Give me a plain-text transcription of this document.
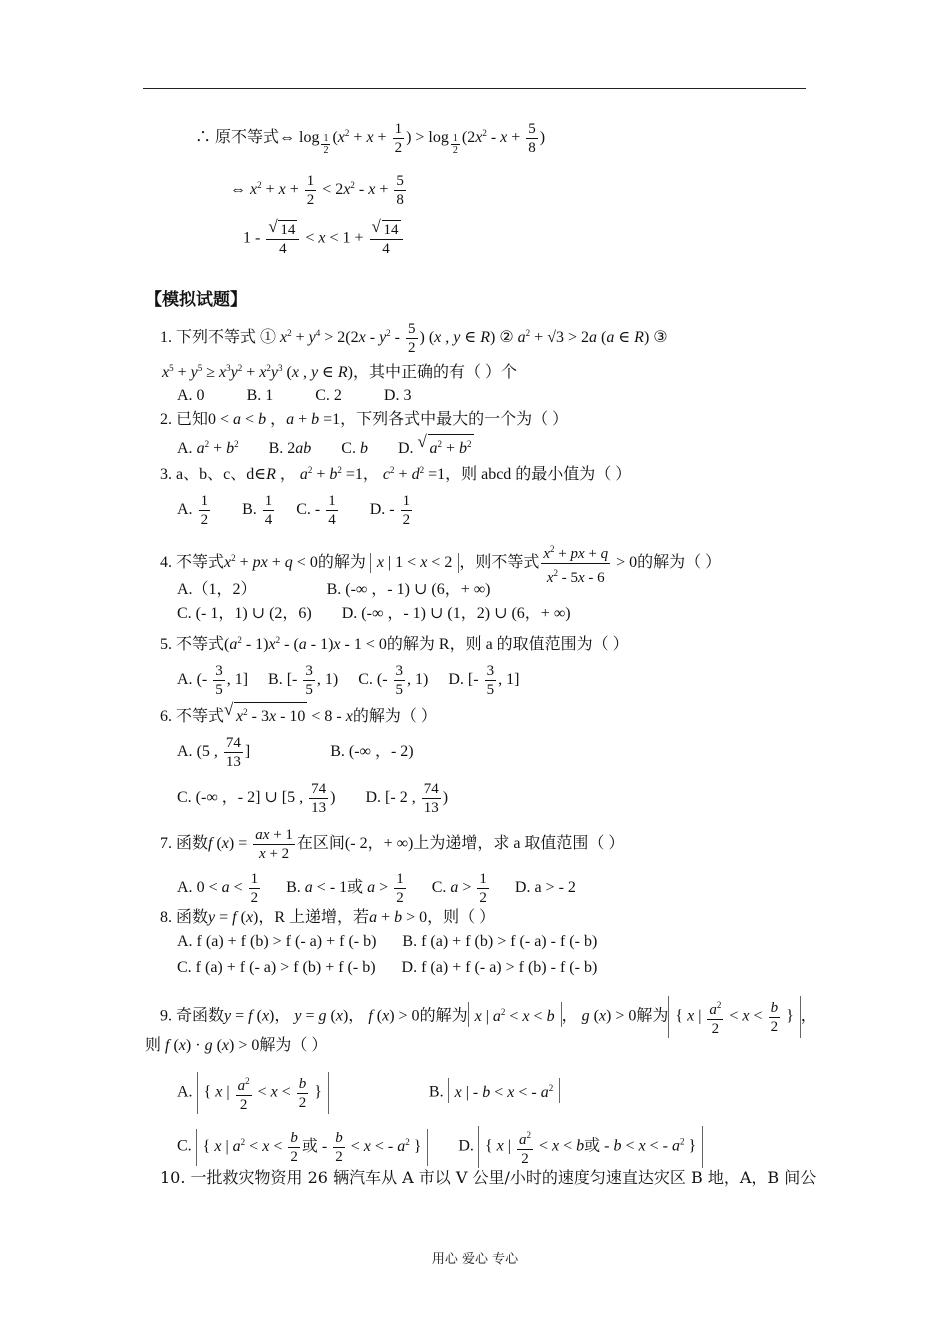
∴ 原不等式⇔ log $_{\frac{1}{2}}$ ($x^2 + x + \frac{1}{2}$ ) > log $_{\frac{1}{2}}$ ($2x^2 - x + \frac{5}{8}$ )
⇔ $x^2 + x + \frac{1}{2} < 2x^2 - x + \frac{5}{8}$
$1 - \frac{√ 14}{4} < x < 1 + \frac{√ 14}{4}$
【模拟试题】
1. 下列不等式 ① $x^2 + y^4 > 2(2x - y^2 - \frac{5}{2}$ ) (x , y ∈ R) ② $a^2 + √3 > 2a$ (a ∈ R) ③
$x^5 + y^5 \ge x^3y^2 + x^2y^3$ (x , y ∈ R)，其中正确的有（ ）个
A. 0	B. 1	C. 2	D. 3
2. 已知0 < a < b ，a + b =1，下列各式中最大的一个为（ ）
A. $a^2 + b^2$ B. 2ab C. b D. √ $a^2 + b^2$
3. a、b、c、d∈R ， $a^2 + b^2 =1$， $c^2 + d^2 =1$，则 abcd 的最小值为（ ）
A. $\frac{1}{2} B$. $\frac{1}{4} C$. - $\frac{1}{4} D$. - $\frac{1}{2}$
4. 不等式$x^2$ + px + q < 0的解为 x | 1 < x < 2 ，则不等式 $\frac{x^2 + px + q}{x^2 - 5x - 6} > 0$的解为（ ）
A.（1，2）	B. (-∞ ，- 1) ∪ (6，+ ∞)
C. (- 1，1) ∪ (2，6) D. (-∞ ，- 1) ∪ (1，2) ∪ (6，+ ∞)
5. 不等式$(a^2 - 1)x^2 - (a - 1)x - 1 < 0$的解为 R，则 a 的取值范围为（ ）
A. (- $\frac{3}{5}$ , 1] B. [- $\frac{3}{5}$ , 1) C. (- $\frac{3}{5}$ , 1) D. [- $\frac{3}{5}$ , 1]
6. 不等式 √ $x^2 - 3x - 10 < 8 - x$的解为（ ）
A. (5 , $\frac{74}{13}$ ]	B. (-∞ ，- 2)
C. (-∞ ，- 2] ∪ [5 , $\frac{74}{13}$ ) D. [- 2 , $\frac{74}{13}$ )
7. 函数f $(x) = \frac{ax + 1}{x + 2}$ 在区间(- 2，+ ∞)上为递增，求 a 取值范围（ ）
A. $0 < a < \frac{1}{2} B$. a < - 1或 $a > \frac{1}{2} C$. $a > \frac{1}{2} D$. a > - 2
8. 函数y = f (x)，R 上递增，若a + b > 0，则（ ）
A. f (a) + f (b) > f (- a) + f (- b) B. f (a) + f (b) > f (- a) - f (- b)
C. f (a) + f (- a) > f (b) + f (- b) D. f (a) + f (- a) > f (b) - f (- b)
9. 奇函数y = f (x)， y = g (x)， f (x) > 0的解为 x | $a^2 < x < b$ ， g (x) > 0解为 { x | $\frac{a^2}{2} < x < \frac{b}{2}$ } ，
则 f (x) · g (x) > 0解为（ ）
A. { x | $\frac{a^2}{2} < x < \frac{b}{2}$ }	B. x | - b < x < - $a^2$
C. { x | $a^2 < x < \frac{b}{2}$ 或 - $\frac{b}{2} < x$ < - $a^2$ } D. { x | $\frac{a^2}{2} < x < b$或 - b < x < - $a^2$ }
10. 一批救灾物资用 26 辆汽车从 A 市以 V 公里/小时的速度匀速直达灾区 B 地，A，B 间公
用心 爱心 专心
